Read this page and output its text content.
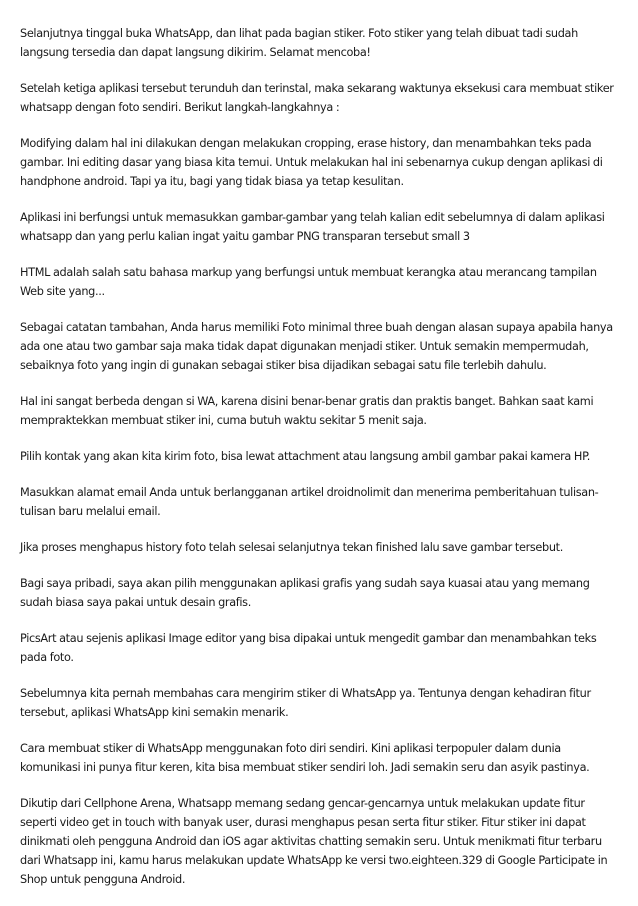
Selanjutnya tinggal buka WhatsApp, dan lihat pada bagian stiker. Foto stiker yang telah dibuat tadi sudah langsung tersedia dan dapat langsung dikirim. Selamat mencoba!

Setelah ketiga aplikasi tersebut terunduh dan terinstal, maka sekarang waktunya eksekusi cara membuat stiker whatsapp dengan foto sendiri. Berikut langkah-langkahnya :

Modifying dalam hal ini dilakukan dengan melakukan cropping, erase history, dan menambahkan teks pada gambar. Ini editing dasar yang biasa kita temui. Untuk melakukan hal ini sebenarnya cukup dengan aplikasi di handphone android. Tapi ya itu, bagi yang tidak biasa ya tetap kesulitan.

Aplikasi ini berfungsi untuk memasukkan gambar-gambar yang telah kalian edit sebelumnya di dalam aplikasi whatsapp dan yang perlu kalian ingat yaitu gambar PNG transparan tersebut small 3

HTML adalah salah satu bahasa markup yang berfungsi untuk membuat kerangka atau merancang tampilan Web site yang...

Sebagai catatan tambahan, Anda harus memiliki Foto minimal three buah dengan alasan supaya apabila hanya ada one atau two gambar saja maka tidak dapat digunakan menjadi stiker. Untuk semakin mempermudah, sebaiknya foto yang ingin di gunakan sebagai stiker bisa dijadikan sebagai satu file terlebih dahulu.

Hal ini sangat berbeda dengan si WA, karena disini benar-benar gratis dan praktis banget. Bahkan saat kami mempraktekkan membuat stiker ini, cuma butuh waktu sekitar 5 menit saja.

Pilih kontak yang akan kita kirim foto, bisa lewat attachment atau langsung ambil gambar pakai kamera HP.

Masukkan alamat email Anda untuk berlangganan artikel droidnolimit dan menerima pemberitahuan tulisan-tulisan baru melalui email.

Jika proses menghapus history foto telah selesai selanjutnya tekan finished lalu save gambar tersebut.

Bagi saya pribadi, saya akan pilih menggunakan aplikasi grafis yang sudah saya kuasai atau yang memang sudah biasa saya pakai untuk desain grafis.

PicsArt atau sejenis aplikasi Image editor yang bisa dipakai untuk mengedit gambar dan menambahkan teks pada foto.

Sebelumnya kita pernah membahas cara mengirim stiker di WhatsApp ya. Tentunya dengan kehadiran fitur tersebut, aplikasi WhatsApp kini semakin menarik.

Cara membuat stiker di WhatsApp menggunakan foto diri sendiri. Kini aplikasi terpopuler dalam dunia komunikasi ini punya fitur keren, kita bisa membuat stiker sendiri loh. Jadi semakin seru dan asyik pastinya.

Dikutip dari Cellphone Arena, Whatsapp memang sedang gencar-gencarnya untuk melakukan update fitur seperti video get in touch with banyak user, durasi menghapus pesan serta fitur stiker. Fitur stiker ini dapat dinikmati oleh pengguna Android dan iOS agar aktivitas chatting semakin seru. Untuk menikmati fitur terbaru dari Whatsapp ini, kamu harus melakukan update WhatsApp ke versi two.eighteen.329 di Google Participate in Shop untuk pengguna Android.
